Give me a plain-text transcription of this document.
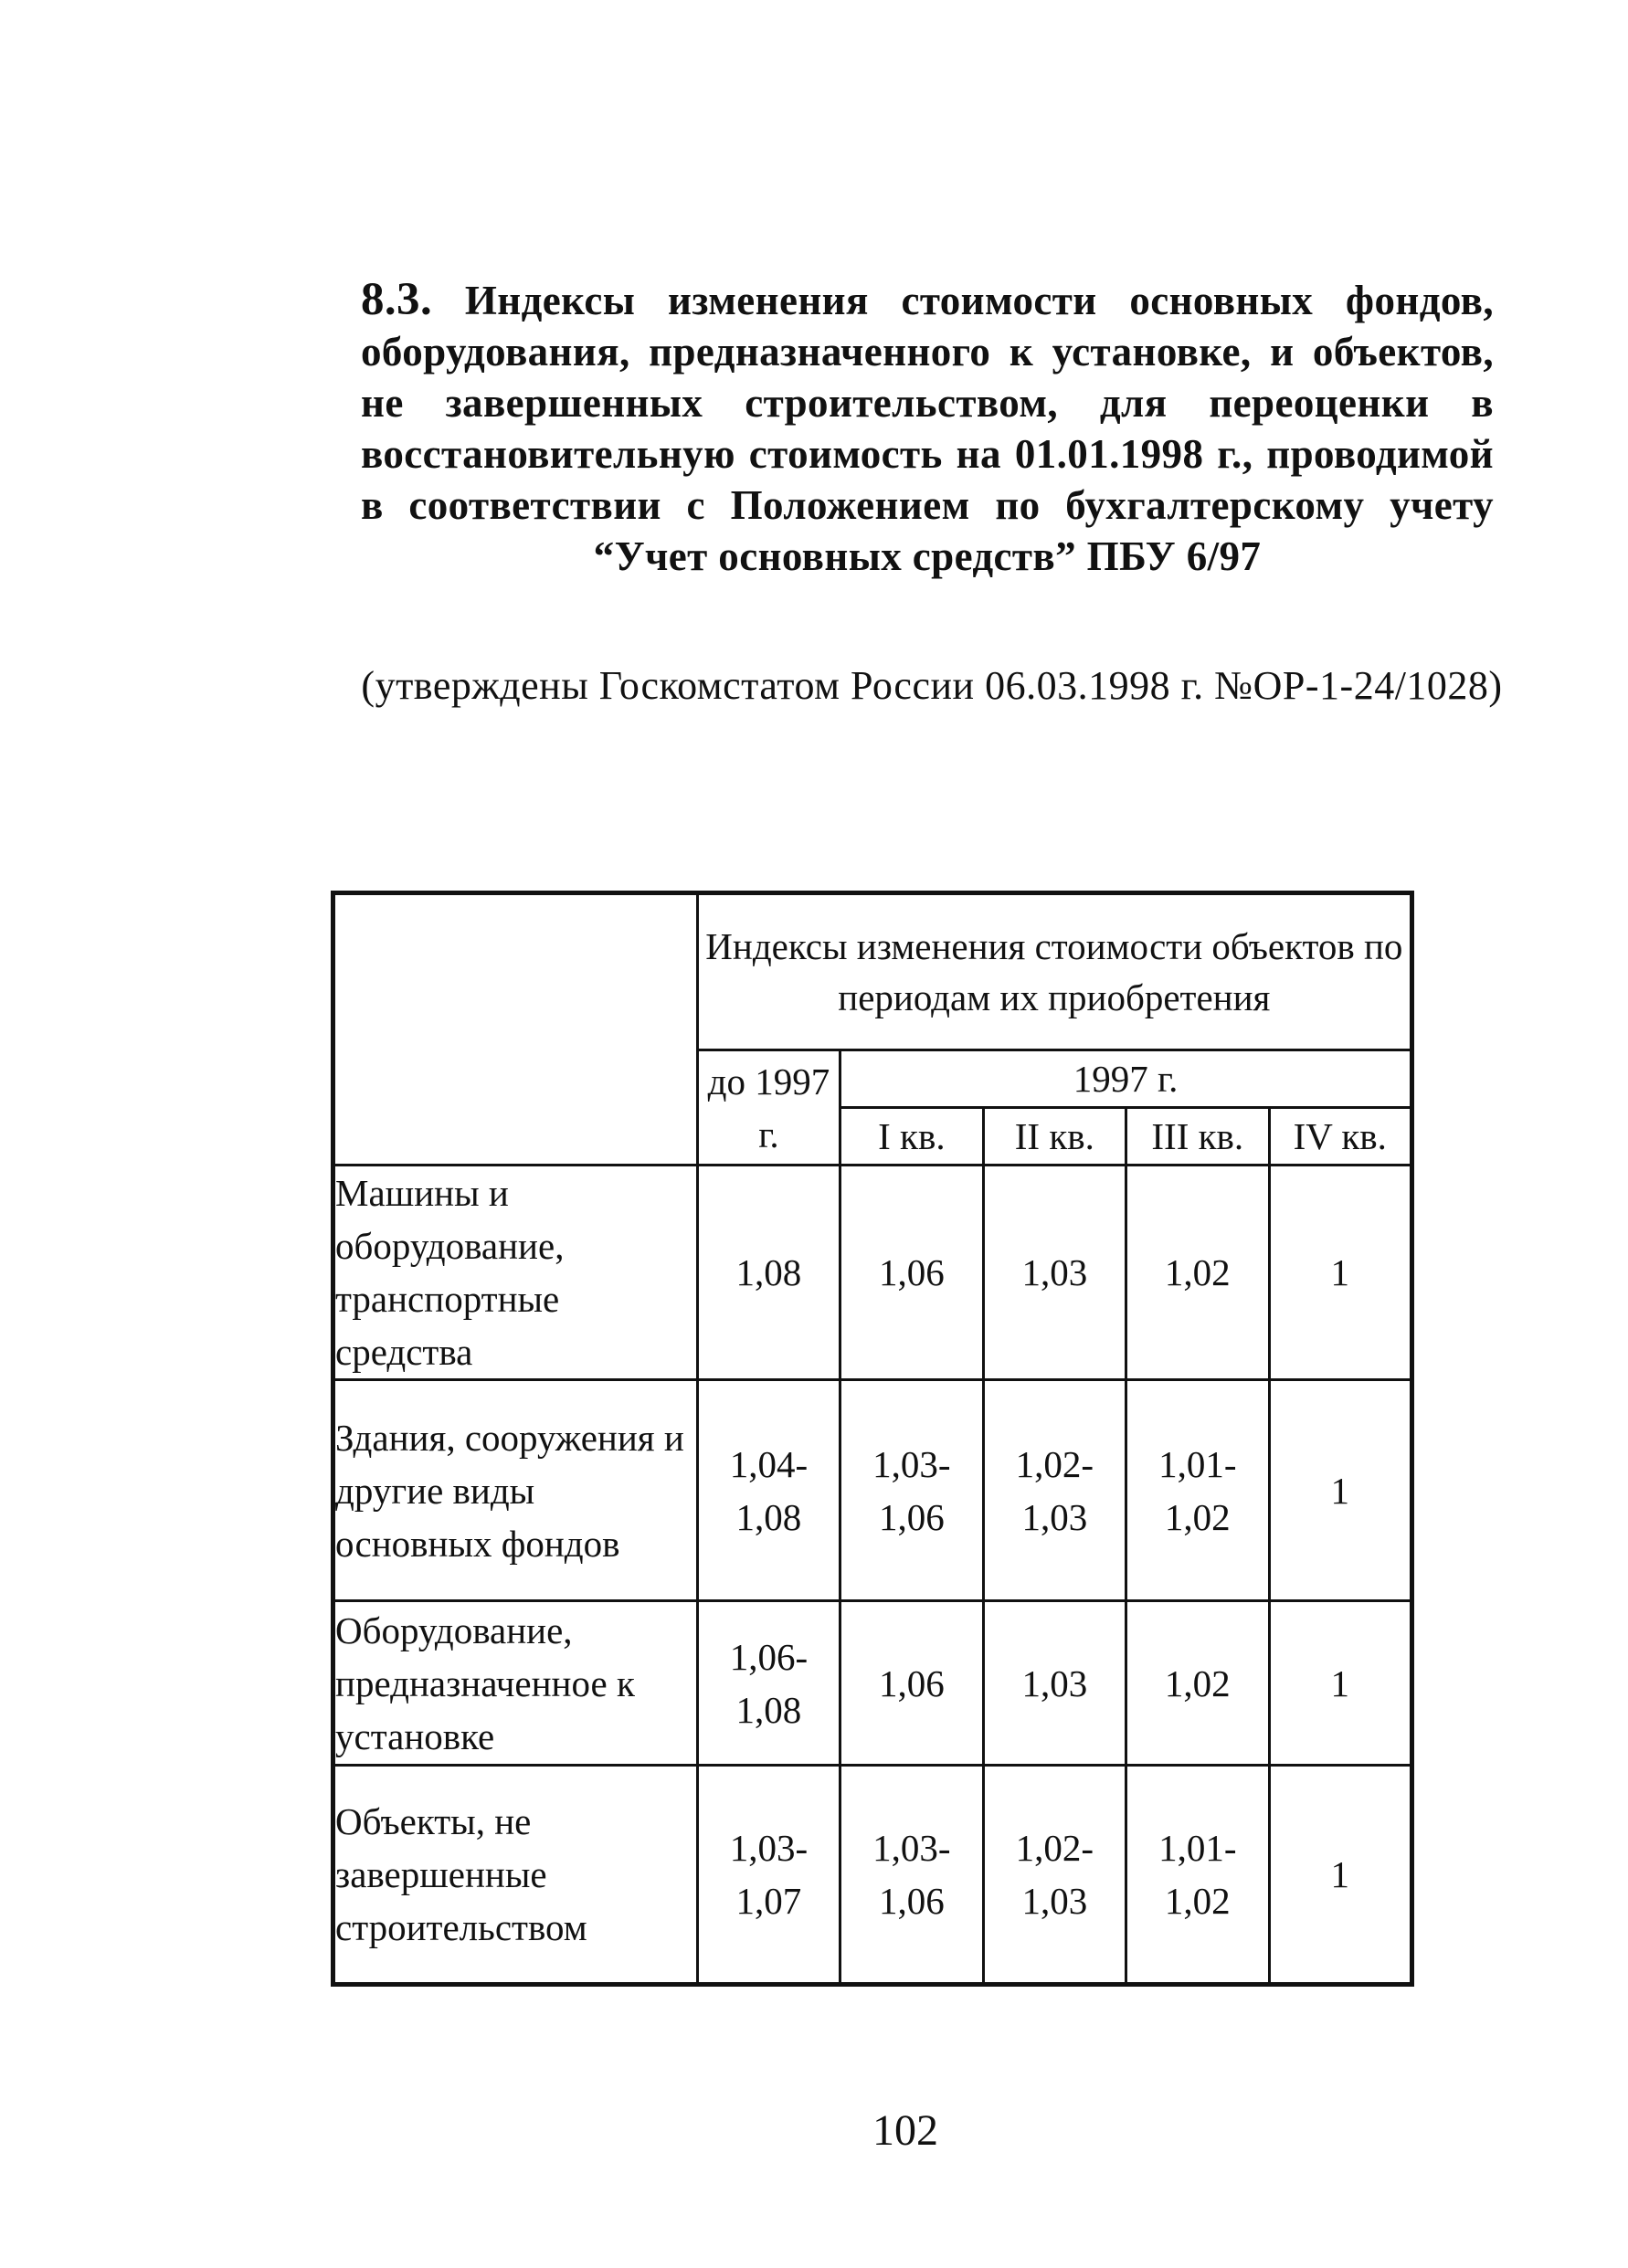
8.3. Индексы изменения стоимости основных фондов, оборудования, предназначенного к установке, и объектов, не завершенных строительством, для переоценки в восстановительную стоимость на 01.01.1998 г., проводимой в соответствии с Положением по бухгалтерскому учету “Учет основных средств” ПБУ 6/97
(утверждены Госкомстатом России 06.03.1998 г. №ОР-1-24/1028)
	Индексы изменения стоимости объектов по периодам их приобретения				
	до 1997 г.	1997 г.			
		I кв.	II кв.	III кв.	IV кв.
Машины и оборудование, транспортные средства	1,08	1,06	1,03	1,02	1
Здания, сооружения и другие виды основных фондов	1,04-1,08	1,03-1,06	1,02-1,03	1,01-1,02	1
Оборудование, предназначенное к установке	1,06-1,08	1,06	1,03	1,02	1
Объекты, не завершенные строительством	1,03-1,07	1,03-1,06	1,02-1,03	1,01-1,02	1
102
